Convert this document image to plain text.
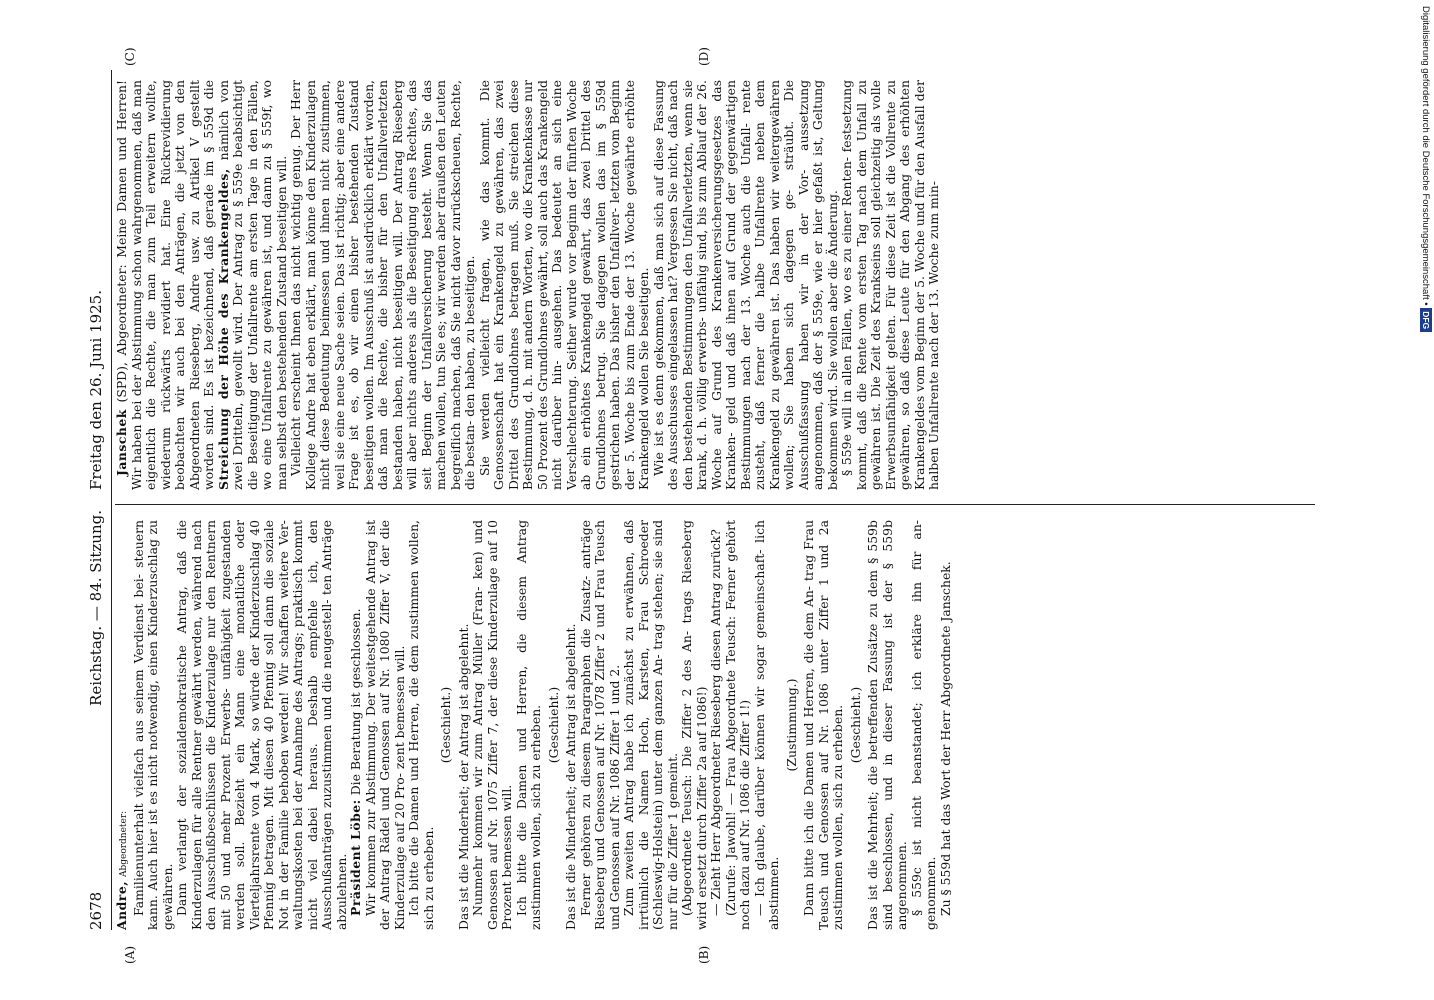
2678
Reichstag. — 84. Sitzung.
Freitag den 26. Juni 1925.

Andre, Abgeordneter: Familienunterhalt vielfach aus seinem Verdienst bei- steuern kann. Auch hier ist es nicht notwendig, einen Kinderzuschlag zu gewähren. Dann verlangt der sozialdemokratische Antrag, daß die Kinderzulagen für alle Rentner gewährt werden, während nach den Ausschußbeschlüssen die Kinderzulage nur den Rentnern mit 50 und mehr Prozent Erwerbs- unfähigkeit zugestanden werden soll. Bezieht ein Mann eine monatliche oder Vierteljahrsrente von 4 Mark, so würde der Kinderzuschlag 40 Pfennig betragen. Mit diesen 40 Pfennig soll dann die soziale Not in der Familie behoben werden! Wir schaffen weitere Ver- waltungskosten bei der Annahme des Antrags; praktisch kommt nicht viel dabei heraus. Deshalb empfehle ich, den Ausschußanträgen zuzustimmen und die neugestell- ten Anträge abzulehnen. Präsident Löbe: Die Beratung ist geschlossen. Wir kommen zur Abstimmung. Der weitestgehende Antrag ist der Antrag Rädel und Genossen auf Nr. 1080 Ziffer V, der die Kinderzulage auf 20 Pro- zent bemessen will. Ich bitte die Damen und Herren, die dem zustimmen wollen, sich zu erheben.

(Geschieht.) Das ist die Minderheit; der Antrag ist abgelehnt. Nunmehr kommen wir zum Antrag Müller (Fran- ken) und Genossen auf Nr. 1075 Ziffer 7, der diese Kinderzulage auf 10 Prozent bemessen will. Ich bitte die Damen und Herren, die diesem Antrag zustimmen wollen, sich zu erheben. (Geschieht.) Das ist die Minderheit; der Antrag ist abgelehnt. Ferner gehören zu diesem Paragraphen die Zusatz- anträge Rieseberg und Genossen auf Nr. 1078 Ziffer 2 und Frau Teusch und Genossen auf Nr. 1086 Ziffer 1 und 2. Zum zweiten Antrag habe ich zunächst zu erwähnen, daß irrtümlich die Namen Hoch, Karsten, Frau Schroeder (Schleswig-Holstein) unter dem ganzen An- trag stehen; sie sind nur für die Ziffer 1 gemeint. (Abgeordnete Teusch: Die Ziffer 2 des An- trags Rieseberg wird ersetzt durch Ziffer 2a auf 1086!) — Zieht Herr Abgeordneter Rieseberg diesen Antrag zurück? (Zurufe: Jawohl! — Frau Abgeordnete Teusch: Ferner gehört noch dazu auf Nr. 1086 die Ziffer 1!) — Ich glaube, darüber können wir sogar gemeinschaft- lich abstimmen.

(Zustimmung.) Dann bitte ich die Damen und Herren, die dem An- trag Frau Teusch und Genossen auf Nr. 1086 unter Ziffer 1 und 2a zustimmen wollen, sich zu erheben. (Geschieht.) Das ist die Mehrheit; die betreffenden Zusätze zu dem § 559b sind beschlossen, und in dieser Fassung ist der § 559b angenommen. § 559c ist nicht beanstandet; ich erkläre ihn für an- genommen. Zu § 559d hat das Wort der Herr Abgeordnete Janschek.

Janschek (SPD), Abgeordneter: Meine Damen und Herren! Wir haben bei der Abstimmung schon wahrgenommen, daß man eigentlich die Rechte, die man zum Teil erweitern wollte, wiederum rückwärts revidiert hat. Eine Rückrevidierung beobachten wir auch bei den Anträgen, die jetzt von den Abgeordneten Rieseberg, Andre usw. zu Artikel V gestellt worden sind. Es ist bezeichnend, daß gerade im § 559d die Streichung der Höhe des Krankengeldes, nämlich von zwei Dritteln, gewollt wird. Der Antrag zu § 559e beabsichtigt die Beseitigung der Unfallrente am ersten Tage in den Fällen, wo eine Unfallrente zu gewähren ist, und dann zu § 559f, wo man selbst den bestehenden Zustand beseitigen will. Vielleicht erscheint Ihnen das nicht wichtig genug. Der Herr Kollege Andre hat eben erklärt, man könne den Kinderzulagen nicht diese Bedeutung beimessen und ihnen nicht zustimmen, weil sie eine neue Sache seien. Das ist richtig; aber eine andere Frage ist es, ob wir einen bisher bestehenden Zustand beseitigen wollen. Im Ausschuß ist ausdrücklich erklärt worden, daß man die Rechte, die bisher für den Unfallverletzten bestanden haben, nicht beseitigen will. Der Antrag Rieseberg will aber nichts anderes als die Beseitigung eines Rechtes, das seit Beginn der Unfallversicherung besteht. Wenn Sie das machen wollen, tun Sie es; wir werden aber draußen den Leuten begreiflich machen, daß Sie nicht davor zurückscheuen, Rechte, die bestan- den haben, zu beseitigen. Sie werden vielleicht fragen, wie das kommt. Die Genossenschaft hat ein Krankengeld zu gewähren, das zwei Drittel des Grundlohnes betragen muß. Sie streichen diese Bestimmung, d. h. mit andern Worten, wo die Krankenkasse nur 50 Prozent des Grundlohnes gewährt, soll auch das Krankengeld nicht darüber hin- ausgehen. Das bedeutet an sich eine Verschlechterung. Seither wurde vor Beginn der fünften Woche ab ein erhöhtes Krankengeld gewährt, das zwei Drittel des Grundlohnes betrug. Sie dagegen wollen das im § 559d gestrichen haben. Das bisher den Unfallver- letzten vom Beginn der 5. Woche bis zum Ende der 13. Woche gewährte erhöhte Krankengeld wollen Sie beseitigen. Wie ist es denn gekommen, daß man sich auf diese Fassung des Ausschusses eingelassen hat? Vergessen Sie nicht, daß nach den bestehenden Bestimmungen den Unfallverletzten, wenn sie krank, d. h. völlig erwerbs- unfähig sind, bis zum Ablauf der 26. Woche auf Grund des Krankenversicherungsgesetzes das Kranken- geld und daß ihnen auf Grund der gegenwärtigen Bestimmungen nach der 13. Woche auch die Unfall- rente zusteht, daß ferner die halbe Unfallrente neben dem Krankengeld zu gewähren ist. Das haben wir weitergewähren wollen; Sie haben sich dagegen ge- sträubt. Die Ausschußfassung haben wir in der Vor- aussetzung angenommen, daß der § 559e, wie er hier gefaßt ist, Geltung bekommen wird. Sie wollen aber die Änderung. § 559e will in allen Fällen, wo es zu einer Renten- festsetzung kommt, daß die Rente vom ersten Tag nach dem Unfall zu gewähren ist. Die Zeit des Krankseins soll gleichzeitig als volle Erwerbsunfähigkeit gelten. Für diese Zeit ist die Vollrente zu gewähren, so daß diese Leute für den Abgang des erhöhten Krankengeldes vom Beginn der 5. Woche und für den Ausfall der halben Unfallrente nach der 13. Woche zum min-

(A)	(B)
(C)	(D)	Digitalisierung gefördert durch die Deutsche Forschungsgemeinschaft • DFG
